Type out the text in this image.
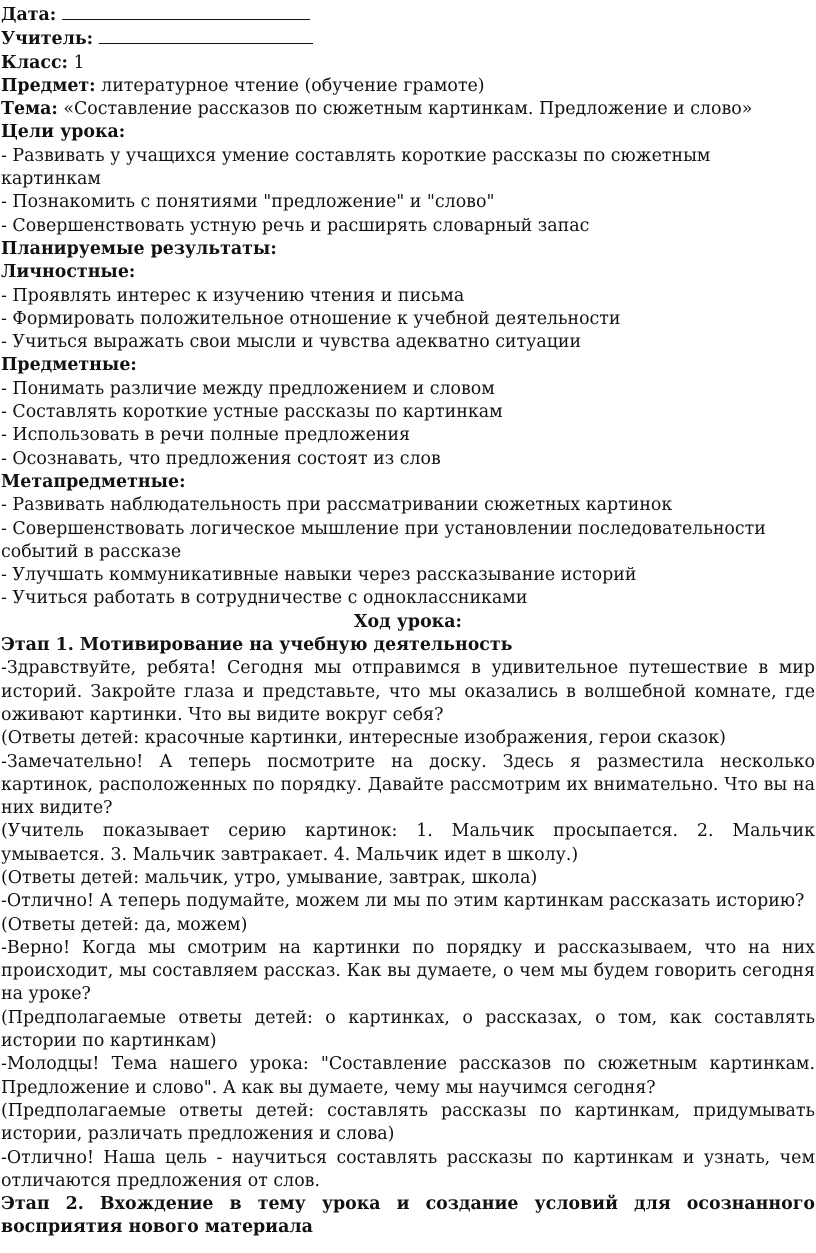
Дата:
Учитель:
Класс: 1
Предмет: литературное чтение (обучение грамоте)
Тема: «Составление рассказов по сюжетным картинкам. Предложение и слово»
Цели урока:
- Развивать у учащихся умение составлять короткие рассказы по сюжетным картинкам
- Познакомить с понятиями "предложение" и "слово"
- Совершенствовать устную речь и расширять словарный запас
Планируемые результаты:
Личностные:
- Проявлять интерес к изучению чтения и письма
- Формировать положительное отношение к учебной деятельности
- Учиться выражать свои мысли и чувства адекватно ситуации
Предметные:
- Понимать различие между предложением и словом
- Составлять короткие устные рассказы по картинкам
- Использовать в речи полные предложения
- Осознавать, что предложения состоят из слов
Метапредметные:
- Развивать наблюдательность при рассматривании сюжетных картинок
- Совершенствовать логическое мышление при установлении последовательности событий в рассказе
- Улучшать коммуникативные навыки через рассказывание историй
- Учиться работать в сотрудничестве с одноклассниками
Ход урока:
Этап 1. Мотивирование на учебную деятельность
-Здравствуйте, ребята! Сегодня мы отправимся в удивительное путешествие в мир историй. Закройте глаза и представьте, что мы оказались в волшебной комнате, где оживают картинки. Что вы видите вокруг себя?
(Ответы детей: красочные картинки, интересные изображения, герои сказок)
-Замечательно! А теперь посмотрите на доску. Здесь я разместила несколько картинок, расположенных по порядку. Давайте рассмотрим их внимательно. Что вы на них видите?
(Учитель показывает серию картинок: 1. Мальчик просыпается. 2. Мальчик умывается. 3. Мальчик завтракает. 4. Мальчик идет в школу.)
(Ответы детей: мальчик, утро, умывание, завтрак, школа)
-Отлично! А теперь подумайте, можем ли мы по этим картинкам рассказать историю?
(Ответы детей: да, можем)
-Верно! Когда мы смотрим на картинки по порядку и рассказываем, что на них происходит, мы составляем рассказ. Как вы думаете, о чем мы будем говорить сегодня на уроке?
(Предполагаемые ответы детей: о картинках, о рассказах, о том, как составлять истории по картинкам)
-Молодцы! Тема нашего урока: "Составление рассказов по сюжетным картинкам. Предложение и слово". А как вы думаете, чему мы научимся сегодня?
(Предполагаемые ответы детей: составлять рассказы по картинкам, придумывать истории, различать предложения и слова)
-Отлично! Наша цель - научиться составлять рассказы по картинкам и узнать, чем отличаются предложения от слов.
Этап 2. Вхождение в тему урока и создание условий для осознанного восприятия нового материала
